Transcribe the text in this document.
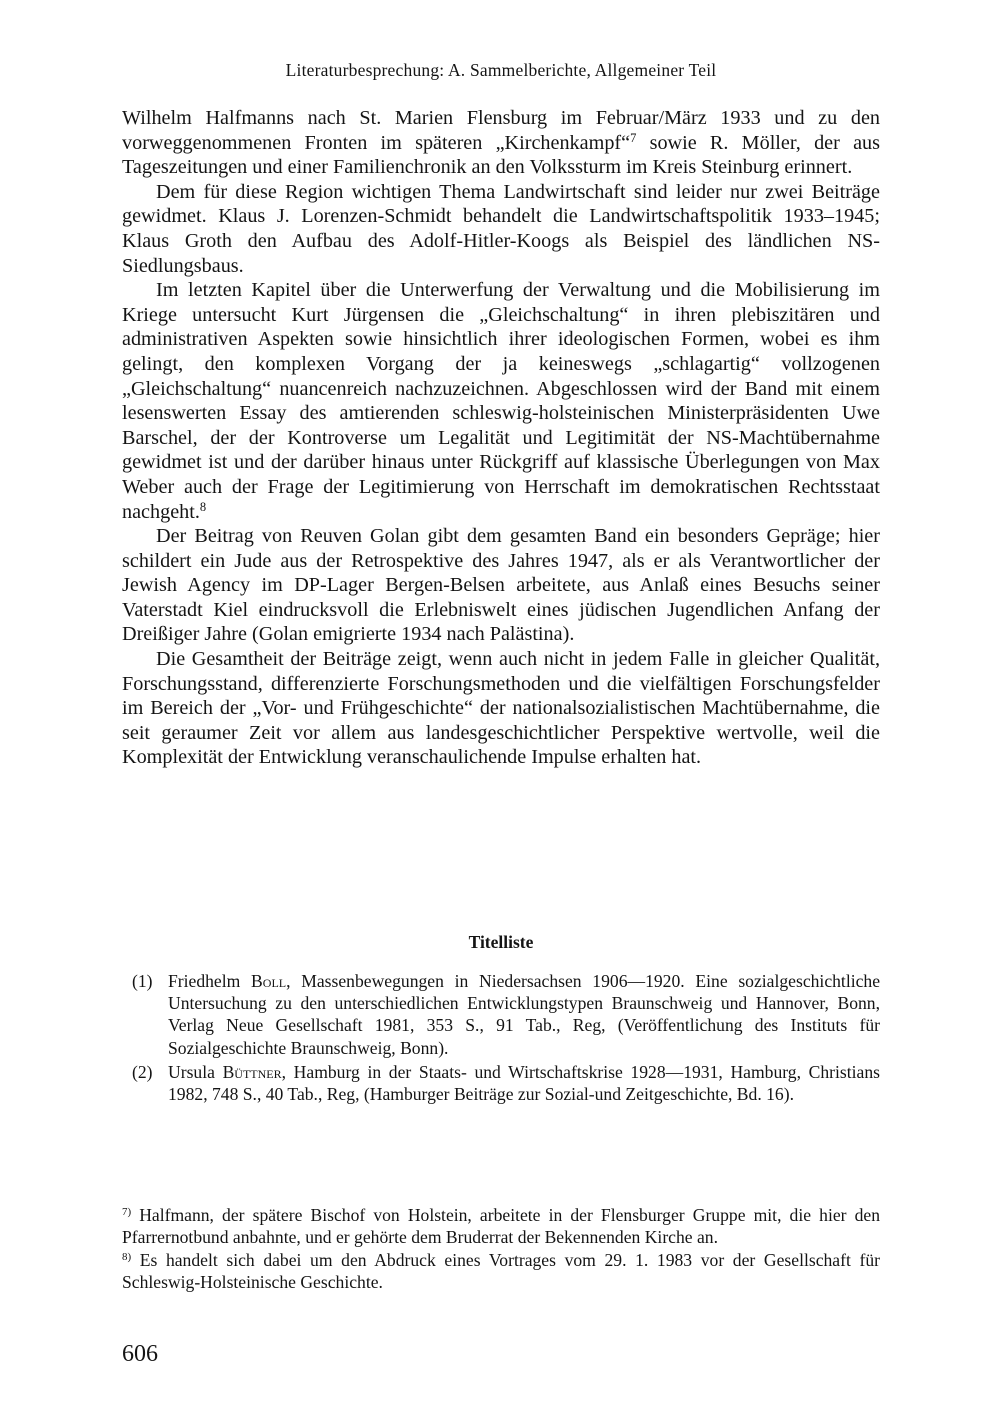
Literaturbesprechung: A. Sammelberichte, Allgemeiner Teil

Wilhelm Halfmanns nach St. Marien Flensburg im Februar/März 1933 und zu den vorweggenommenen Fronten im späteren „Kirchenkampf“$^7$ sowie R. Möller, der aus Tageszeitungen und einer Familienchronik an den Volkssturm im Kreis Steinburg erinnert.

Dem für diese Region wichtigen Thema Landwirtschaft sind leider nur zwei Beiträge gewidmet. Klaus J. Lorenzen-Schmidt behandelt die Landwirtschaftspolitik 1933–1945; Klaus Groth den Aufbau des Adolf-Hitler-Koogs als Beispiel des ländlichen NS-Siedlungsbaus.

Im letzten Kapitel über die Unterwerfung der Verwaltung und die Mobilisierung im Kriege untersucht Kurt Jürgensen die „Gleichschaltung“ in ihren plebiszitären und administrativen Aspekten sowie hinsichtlich ihrer ideologischen Formen, wobei es ihm gelingt, den komplexen Vorgang der ja keineswegs „schlagartig“ vollzogenen „Gleichschaltung“ nuancenreich nachzuzeichnen. Abgeschlossen wird der Band mit einem lesenswerten Essay des amtierenden schleswig-holsteinischen Ministerpräsidenten Uwe Barschel, der der Kontroverse um Legalität und Legitimität der NS-Machtübernahme gewidmet ist und der darüber hinaus unter Rückgriff auf klassische Überlegungen von Max Weber auch der Frage der Legitimierung von Herrschaft im demokratischen Rechtsstaat nachgeht.$^8$

Der Beitrag von Reuven Golan gibt dem gesamten Band ein besonders Gepräge; hier schildert ein Jude aus der Retrospektive des Jahres 1947, als er als Verantwortlicher der Jewish Agency im DP-Lager Bergen-Belsen arbeitete, aus Anlaß eines Besuchs seiner Vaterstadt Kiel eindrucksvoll die Erlebniswelt eines jüdischen Jugendlichen Anfang der Dreißiger Jahre (Golan emigrierte 1934 nach Palästina).

Die Gesamtheit der Beiträge zeigt, wenn auch nicht in jedem Falle in gleicher Qualität, Forschungsstand, differenzierte Forschungsmethoden und die vielfältigen Forschungsfelder im Bereich der „Vor- und Frühgeschichte“ der nationalsozialistischen Machtübernahme, die seit geraumer Zeit vor allem aus landesgeschichtlicher Perspektive wertvolle, weil die Komplexität der Entwicklung veranschaulichende Impulse erhalten hat.

Titelliste
(1) Friedhelm Boll, Massenbewegungen in Niedersachsen 1906—1920. Eine sozialgeschichtliche Untersuchung zu den unterschiedlichen Entwicklungstypen Braunschweig und Hannover, Bonn, Verlag Neue Gesellschaft 1981, 353 S., 91 Tab., Reg, (Veröffentlichung des Instituts für Sozialgeschichte Braunschweig, Bonn).
(2) Ursula Büttner, Hamburg in der Staats- und Wirtschaftskrise 1928—1931, Hamburg, Christians 1982, 748 S., 40 Tab., Reg, (Hamburger Beiträge zur Sozial-und Zeitgeschichte, Bd. 16).

$^{7)}$ Halfmann, der spätere Bischof von Holstein, arbeitete in der Flensburger Gruppe mit, die hier den Pfarrernotbund anbahnte, und er gehörte dem Bruderrat der Bekennenden Kirche an.

$^{8)}$ Es handelt sich dabei um den Abdruck eines Vortrages vom 29. 1. 1983 vor der Gesellschaft für Schleswig-Holsteinische Geschichte.

606
